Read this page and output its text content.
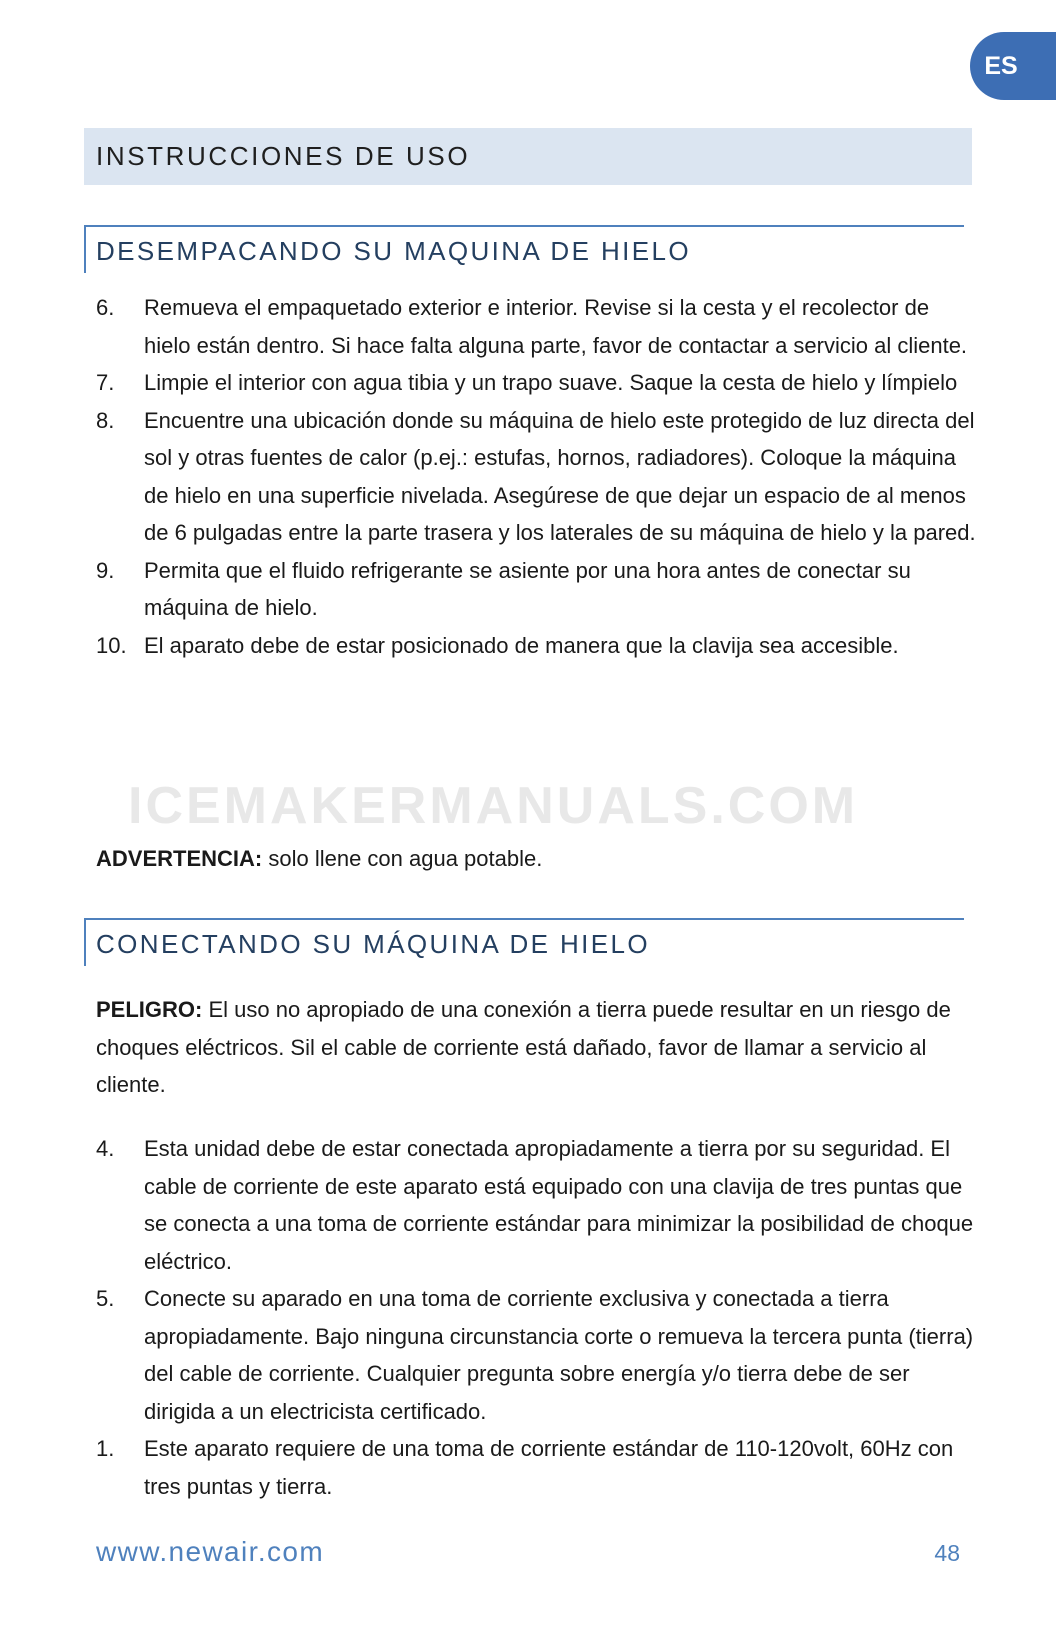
ES
INSTRUCCIONES DE USO
DESEMPACANDO SU MAQUINA DE HIELO
6. Remueva el empaquetado exterior e interior. Revise si la cesta y el recolector de hielo están dentro. Si hace falta alguna parte, favor de contactar a servicio al cliente.
7. Limpie el interior con agua tibia y un trapo suave. Saque la cesta de hielo y límpielo
8. Encuentre una ubicación donde su máquina de hielo este protegido de luz directa del sol y otras fuentes de calor (p.ej.: estufas, hornos, radiadores). Coloque la máquina de hielo en una superficie nivelada. Asegúrese de que dejar un espacio de al menos de 6 pulgadas entre la parte trasera y los laterales de su máquina de hielo y la pared.
9. Permita que el fluido refrigerante se asiente por una hora antes de conectar su máquina de hielo.
10. El aparato debe de estar posicionado de manera que la clavija sea accesible.
ICEMAKERMANUALS.COM

ADVERTENCIA: solo llene con agua potable.

CONECTANDO SU MÁQUINA DE HIELO

PELIGRO: El uso no apropiado de una conexión a tierra puede resultar en un riesgo de choques eléctricos. Sil el cable de corriente está dañado, favor de llamar a servicio al cliente.

4. Esta unidad debe de estar conectada apropiadamente a tierra por su seguridad. El cable de corriente de este aparato está equipado con una clavija de tres puntas que se conecta a una toma de corriente estándar para minimizar la posibilidad de choque eléctrico.
5. Conecte su aparado en una toma de corriente exclusiva y conectada a tierra apropiadamente. Bajo ninguna circunstancia corte o remueva la tercera punta (tierra) del cable de corriente. Cualquier pregunta sobre energía y/o tierra debe de ser dirigida a un electricista certificado.
1. Este aparato requiere de una toma de corriente estándar de 110-120volt, 60Hz con tres puntas y tierra.
www.newair.com	48
